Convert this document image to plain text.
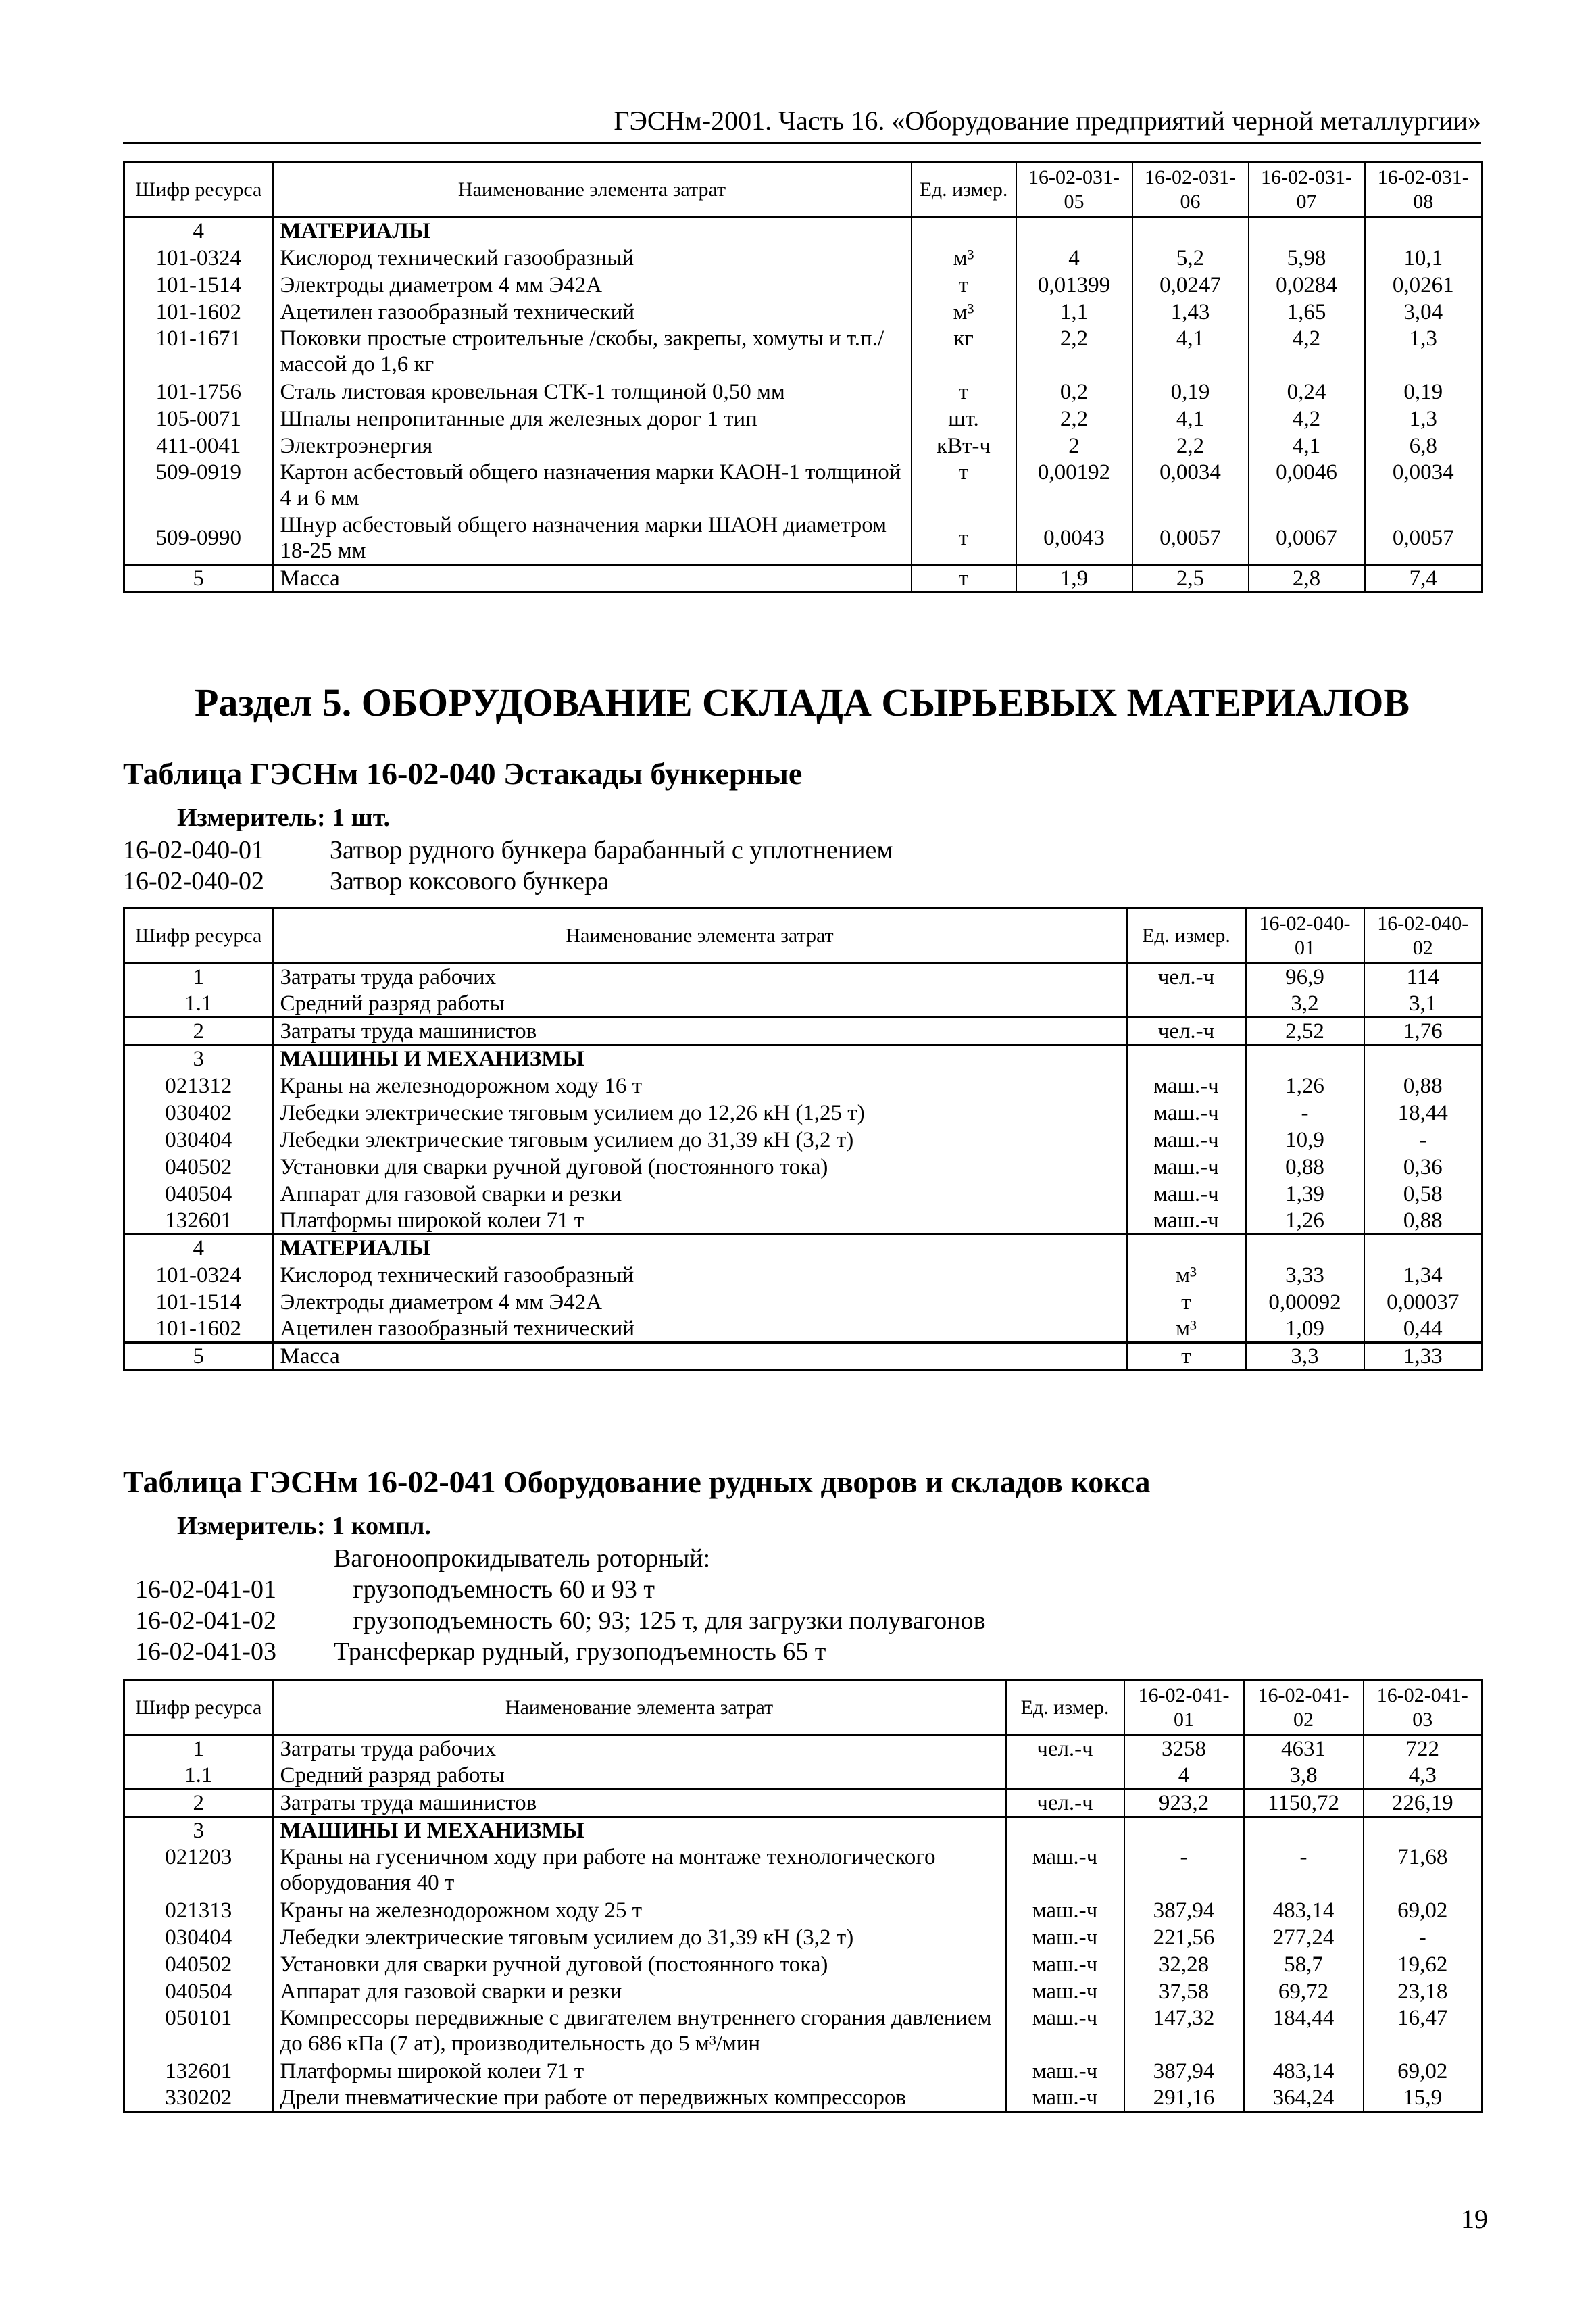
ГЭСНм-2001. Часть 16. «Оборудование предприятий черной металлургии»
Шифр ресурса	Наименование элемента затрат	Ед. измер.	16-02-031-05	16-02-031-06	16-02-031-07	16-02-031-08
4	МАТЕРИАЛЫ					
101-0324	Кислород технический газообразный	м³	4	5,2	5,98	10,1
101-1514	Электроды диаметром 4 мм Э42А	т	0,01399	0,0247	0,0284	0,0261
101-1602	Ацетилен газообразный технический	м³	1,1	1,43	1,65	3,04
101-1671	Поковки простые строительные /скобы, закрепы, хомуты и т.п./ массой до 1,6 кг	кг	2,2	4,1	4,2	1,3
101-1756	Сталь листовая кровельная СТК-1 толщиной 0,50 мм	т	0,2	0,19	0,24	0,19
105-0071	Шпалы непропитанные для железных дорог 1 тип	шт.	2,2	4,1	4,2	1,3
411-0041	Электроэнергия	кВт-ч	2	2,2	4,1	6,8
509-0919	Картон асбестовый общего назначения марки КАОН-1 толщиной 4 и 6 мм	т	0,00192	0,0034	0,0046	0,0034
509-0990	Шнур асбестовый общего назначения марки ШАОН диаметром 18-25 мм	т	0,0043	0,0057	0,0067	0,0057
5	Масса	т	1,9	2,5	2,8	7,4
Раздел 5. ОБОРУДОВАНИЕ СКЛАДА СЫРЬЕВЫХ МАТЕРИАЛОВ
Таблица ГЭСНм 16-02-040 Эстакады бункерные
Измеритель: 1 шт.
16-02-040-01	Затвор рудного бункера барабанный с уплотнением
16-02-040-02	Затвор коксового бункера
Шифр ресурса	Наименование элемента затрат	Ед. измер.	16-02-040-01	16-02-040-02
1	Затраты труда рабочих	чел.-ч	96,9	114
1.1	Средний разряд работы		3,2	3,1
2	Затраты труда машинистов	чел.-ч	2,52	1,76
3	МАШИНЫ И МЕХАНИЗМЫ			
021312	Краны на железнодорожном ходу 16 т	маш.-ч	1,26	0,88
030402	Лебедки электрические тяговым усилием до 12,26 кН (1,25 т)	маш.-ч	-	18,44
030404	Лебедки электрические тяговым усилием до 31,39 кН (3,2 т)	маш.-ч	10,9	-
040502	Установки для сварки ручной дуговой (постоянного тока)	маш.-ч	0,88	0,36
040504	Аппарат для газовой сварки и резки	маш.-ч	1,39	0,58
132601	Платформы широкой колеи 71 т	маш.-ч	1,26	0,88
4	МАТЕРИАЛЫ			
101-0324	Кислород технический газообразный	м³	3,33	1,34
101-1514	Электроды диаметром 4 мм Э42А	т	0,00092	0,00037
101-1602	Ацетилен газообразный технический	м³	1,09	0,44
5	Масса	т	3,3	1,33
Таблица ГЭСНм 16-02-041 Оборудование рудных дворов и складов кокса
Измеритель: 1 компл.
Вагоноопрокидыватель роторный:
16-02-041-01	грузоподъемность 60 и 93 т
16-02-041-02	грузоподъемность 60; 93; 125 т, для загрузки полувагонов
16-02-041-03 Трансферкар рудный, грузоподъемность 65 т
Шифр ресурса	Наименование элемента затрат	Ед. измер.	16-02-041-01	16-02-041-02	16-02-041-03
1	Затраты труда рабочих	чел.-ч	3258	4631	722
1.1	Средний разряд работы		4	3,8	4,3
2	Затраты труда машинистов	чел.-ч	923,2	1150,72	226,19
3	МАШИНЫ И МЕХАНИЗМЫ				
021203	Краны на гусеничном ходу при работе на монтаже технологического оборудования 40 т	маш.-ч	-	-	71,68
021313	Краны на железнодорожном ходу 25 т	маш.-ч	387,94	483,14	69,02
030404	Лебедки электрические тяговым усилием до 31,39 кН (3,2 т)	маш.-ч	221,56	277,24	-
040502	Установки для сварки ручной дуговой (постоянного тока)	маш.-ч	32,28	58,7	19,62
040504	Аппарат для газовой сварки и резки	маш.-ч	37,58	69,72	23,18
050101	Компрессоры передвижные с двигателем внутреннего сгорания давлением до 686 кПа (7 ат), производительность до 5 м³/мин	маш.-ч	147,32	184,44	16,47
132601	Платформы широкой колеи 71 т	маш.-ч	387,94	483,14	69,02
330202	Дрели пневматические при работе от передвижных компрессоров	маш.-ч	291,16	364,24	15,9
19
